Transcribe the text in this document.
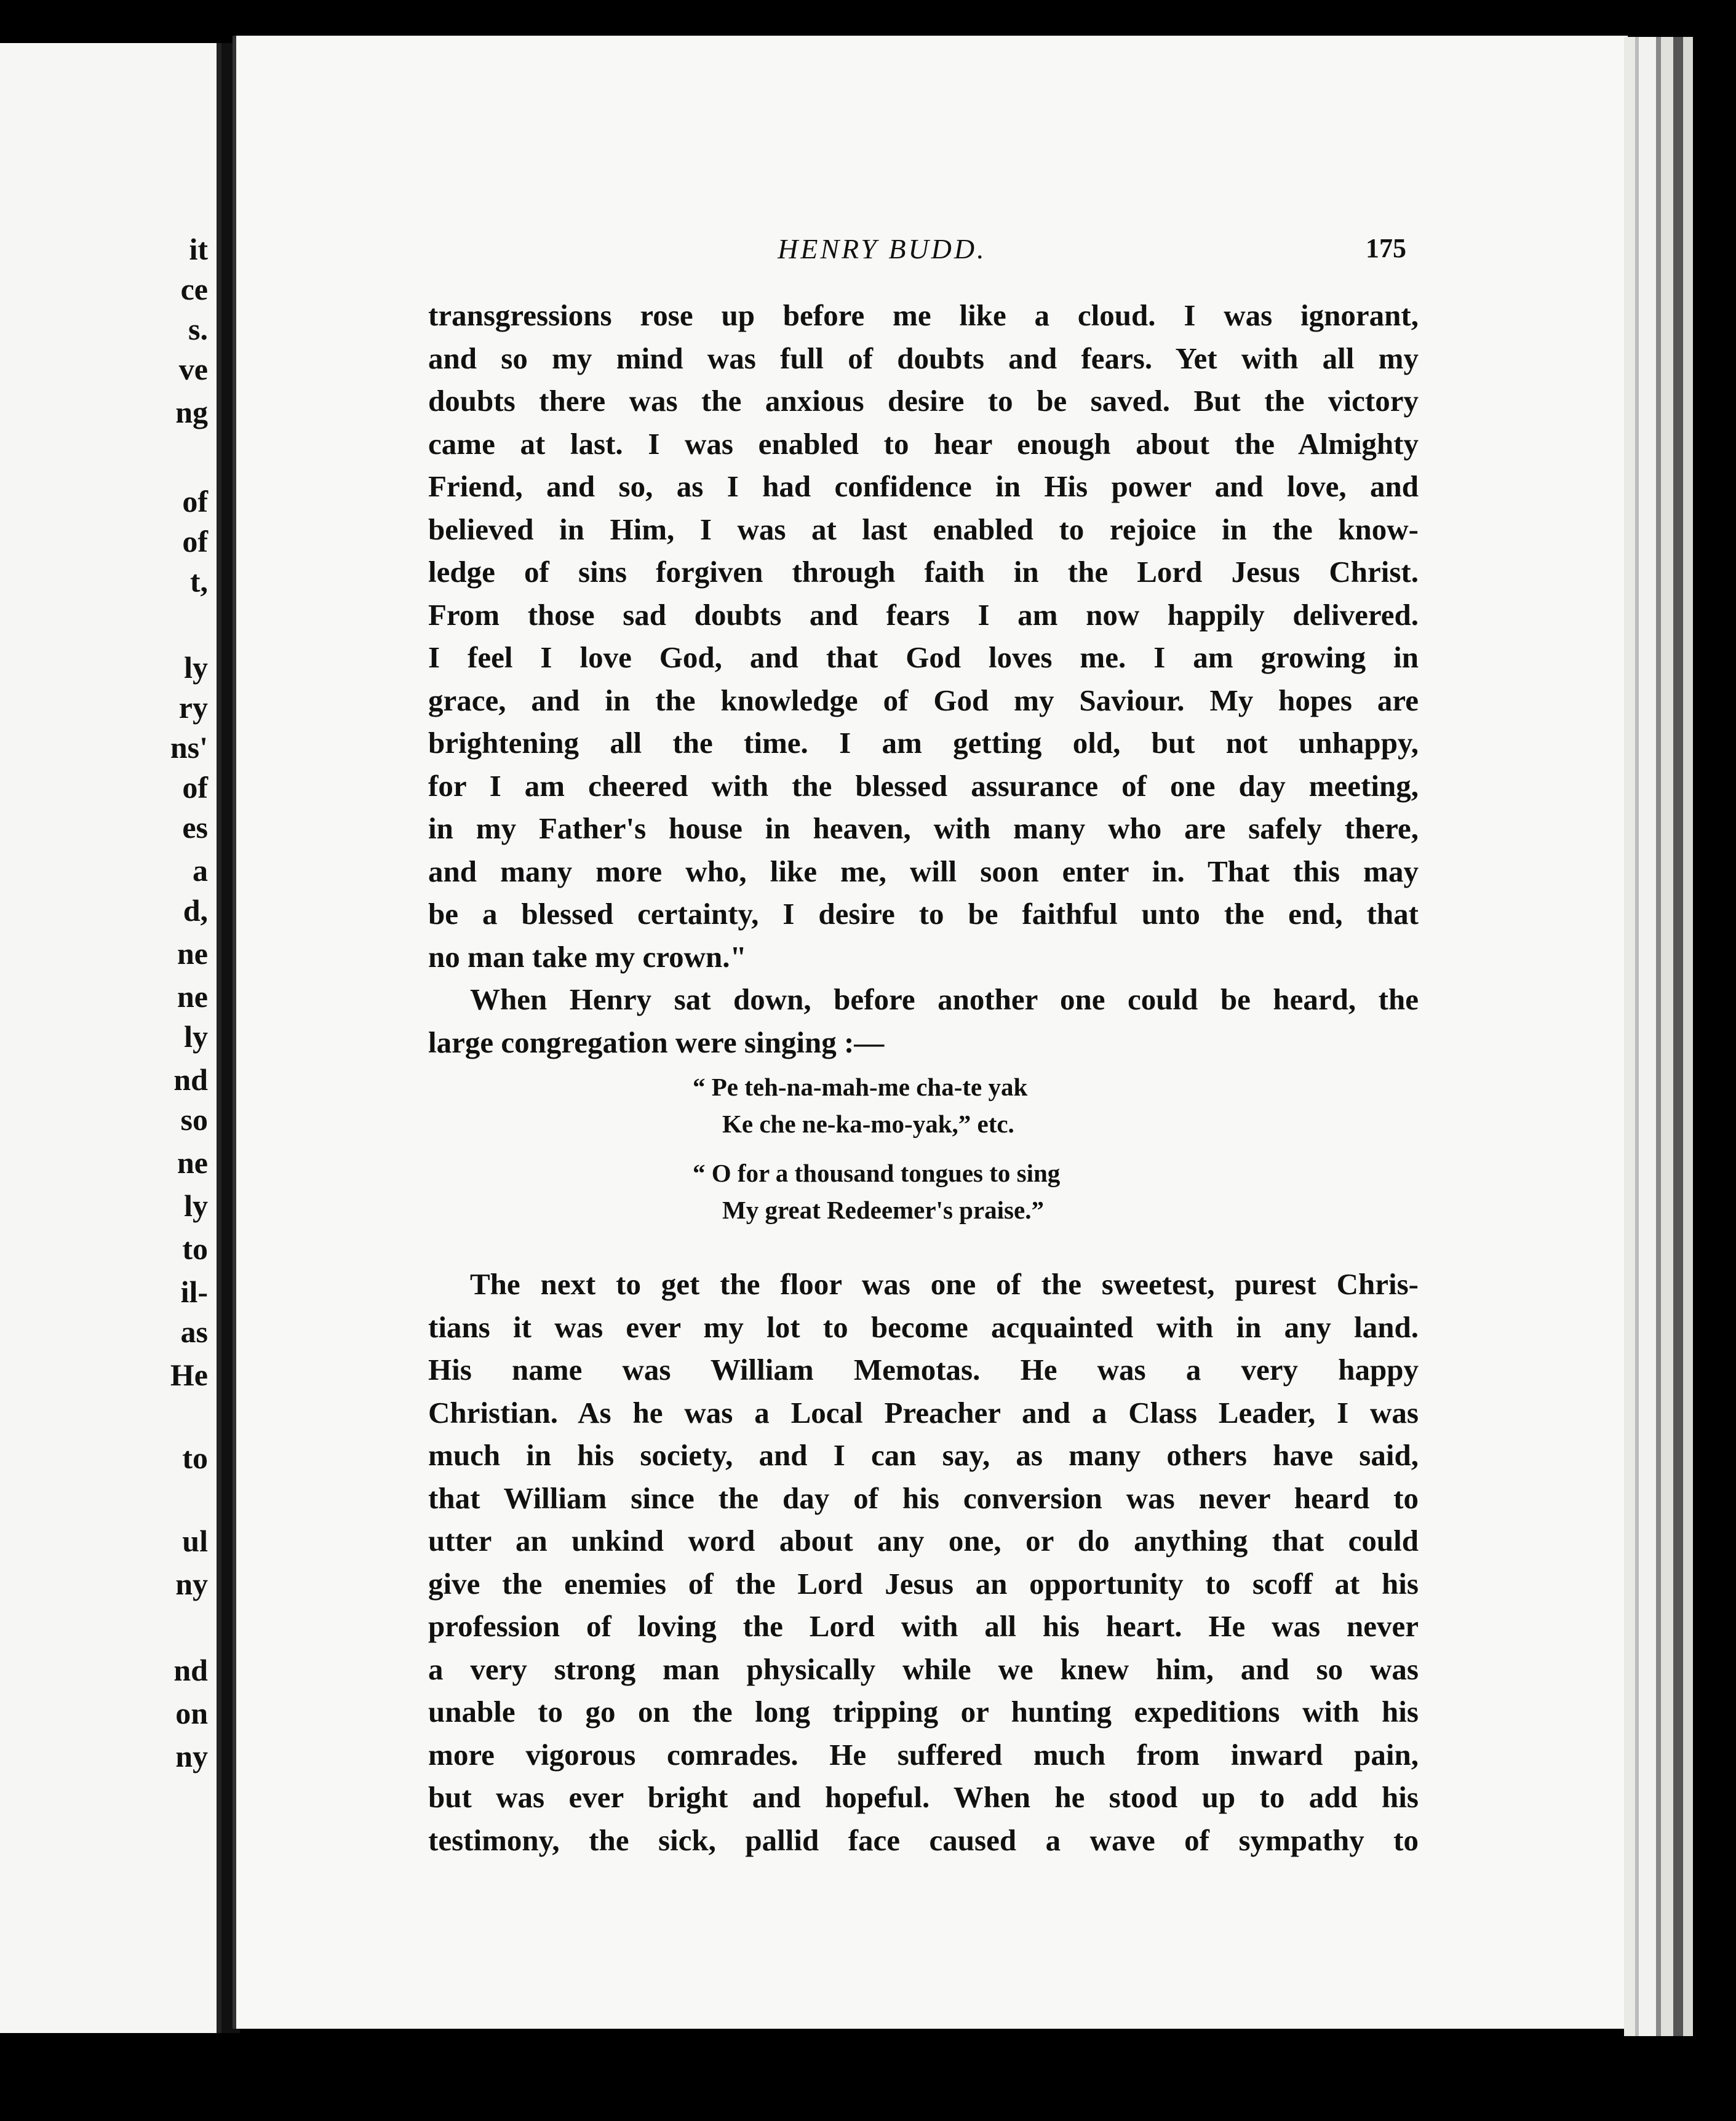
it
ce
s.
ve
ng
of
of
t,
ly
ry
ns'
of
es
a
d,
ne
ne
ly
nd
so
ne
ly
to
il-
as
He
to
ul
ny
nd
on
ny
HENRY BUDD.	175
transgressions rose up before me like a cloud. I was ignorant,
and so my mind was full of doubts and fears. Yet with all my
doubts there was the anxious desire to be saved. But the victory
came at last. I was enabled to hear enough about the Almighty
Friend, and so, as I had confidence in His power and love, and
believed in Him, I was at last enabled to rejoice in the know-
ledge of sins forgiven through faith in the Lord Jesus Christ.
From those sad doubts and fears I am now happily delivered.
I feel I love God, and that God loves me. I am growing in
grace, and in the knowledge of God my Saviour. My hopes are
brightening all the time. I am getting old, but not unhappy,
for I am cheered with the blessed assurance of one day meeting,
in my Father's house in heaven, with many who are safely there,
and many more who, like me, will soon enter in. That this may
be a blessed certainty, I desire to be faithful unto the end, that
no man take my crown."
When Henry sat down, before another one could be heard, the
large congregation were singing :—
“ Pe teh-na-mah-me cha-te yak
Ke che ne-ka-mo-yak,” etc.
“ O for a thousand tongues to sing
My great Redeemer's praise.”
The next to get the floor was one of the sweetest, purest Chris-
tians it was ever my lot to become acquainted with in any land.
His name was William Memotas. He was a very happy
Christian. As he was a Local Preacher and a Class Leader, I was
much in his society, and I can say, as many others have said,
that William since the day of his conversion was never heard to
utter an unkind word about any one, or do anything that could
give the enemies of the Lord Jesus an opportunity to scoff at his
profession of loving the Lord with all his heart. He was never
a very strong man physically while we knew him, and so was
unable to go on the long tripping or hunting expeditions with his
more vigorous comrades. He suffered much from inward pain,
but was ever bright and hopeful. When he stood up to add his
testimony, the sick, pallid face caused a wave of sympathy to
